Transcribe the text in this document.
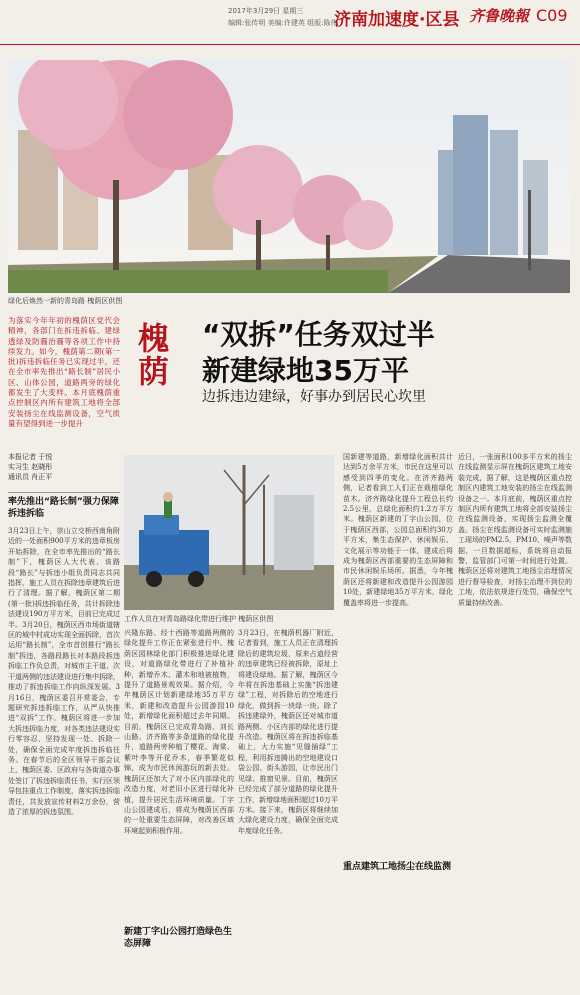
2017年3月29日 星期三
编辑:张传明 美编:许建英 组版:陈伟
济南加速度·区县 齐鲁晚報 C09
绿化后焕然一新的青岛路 槐荫区供图
为落实今年年初的槐荫区党代会精神，各部门在拆违拆临、建绿透绿及防霾治霾等各项工作中持续发力。如今，槐荫第二期(第一批)拆违拆临任务已实现过半，还在全市率先推出“路长制”居民小区、山体公园，道路两旁的绿化都发生了大变样。本月底槐荫重点控制区内所有建筑工地将全部安装扬尘在线监测设备，空气质量有望得到进一步提升
槐荫 “双拆”任务双过半
新建绿地35万平
边拆违边建绿，好事办到居民心坎里
本报记者 于悦
实习生 赵晓彤
通讯员 肖正平
率先推出“路长制”强力保障拆违拆临
3月23日上午，崇山立交桥西南角附近的一处面积900平方米的违章板房开始拆除，在全市率先推出的“路长制”下，槐荫区人大代表、该路段“路长”与拆违小组负责同志共同指挥，施工人员在拆除违章建筑后进行了清理。据了解，槐荫区第二期(第一批)拆违拆临任务，共计拆除违法建设190万平方米，目前已完成过半。3月20日，槐荫区西市场街道辖区的城中村成功实现全面拆除，首次运用“路长制”，全市首创推行“路长制”拆违，各路段路长对本路段拆违拆临工作负总责，对城市主干道、次干道两侧的违法建设进行集中拆除，推动了拆违拆临工作向纵深发展。3月16日，槐荫区委召开常委会，专题研究拆违拆临工作，从严从快推进“双拆”工作。槐荫区将进一步加大拆违拆临力度，对各类违法建设实行零容忍，坚持发现一处、拆除一处，确保全面完成年度拆违拆临任务。在春节后的全区领导干部会议上，槐荫区委、区政府与各街道办事处签订了拆违拆临责任书，实行区领导包挂重点工作制度，落实拆违拆临责任，共发放宣传材料2万余份，营造了浓厚的拆违氛围。
工作人员在对青岛路绿化带进行维护 槐荫区供图
兴隆东路、经十西路等道路两侧的绿化提升工作正在紧张进行中。槐荫区园林绿化部门积极推进绿化建设，对道路绿化带进行了补植补种，新增乔木、灌木和地被植物，提升了道路景观效果。据介绍，今年槐荫区计划新建绿地35万平方米，新建和改造提升公园游园10处，新增绿化面积超过去年同期。目前，槐荫区已完成青岛路、刘长山路、济齐路等多条道路的绿化提升，道路两旁种植了樱花、海棠、紫叶李等开花乔木，春季繁花似锦，成为市民休闲游玩的新去处。槐荫区还加大了对小区内部绿化的改造力度，对老旧小区进行绿化补植，提升居民生活环境质量。丁字山公园建成后，将成为槐荫区西部的一处重要生态屏障，对改善区域环境起到积极作用。
新建丁字山公园打造绿色生态屏障
3月23日，在槐荫机器厂附近，记者看到，施工人员正在清理拆除后的建筑垃圾，原来占道经营的违章建筑已经被拆除，原址上将建设绿地。据了解，槐荫区今年将在拆违基础上实施“拆违建绿”工程，对拆除后的空地进行绿化，做到拆一块绿一块。除了拆违建绿外，槐荫区还对城市道路两侧、小区内部的绿化进行提升改造。槐荫区将在拆违拆临基础上，大力实施“见缝插绿”工程，利用拆违腾出的空地建设口袋公园、街头游园，让市民出门见绿、推窗见景。目前，槐荫区已经完成了部分道路的绿化提升工作，新增绿地面积超过10万平方米。接下来，槐荫区将继续加大绿化建设力度，确保全面完成年度绿化任务。
国新建等道路，新增绿化面积共计达到5万余平方米，市民在这里可以感受到四季的变化。在济齐路两侧，记者看到工人们正在栽植绿化苗木。济齐路绿化提升工程总长约2.5公里，总绿化面积约1.2万平方米。槐荫区新建的丁字山公园，位于槐荫区西部，公园总面积约30万平方米，集生态保护、休闲娱乐、文化展示等功能于一体，建成后将成为槐荫区西部重要的生态屏障和市民休闲娱乐场所。据悉，今年槐荫区还将新建和改造提升公园游园10处，新建绿地35万平方米，绿化覆盖率将进一步提高。
重点建筑工地扬尘在线监测
近日，一张面积100多平方米的扬尘在线监测显示屏在槐荫区建筑工地安装完成，据了解，这是槐荫区重点控制区内建筑工地安装的扬尘在线监测设备之一。本月底前，槐荫区重点控制区内所有建筑工地将全部安装扬尘在线监测设备，实现扬尘监测全覆盖。扬尘在线监测设备可实时监测施工现场的PM2.5、PM10、噪声等数据，一旦数据超标，系统将自动报警，监管部门可第一时间进行处置。槐荫区还将对建筑工地扬尘治理情况进行督导检查，对扬尘治理不到位的工地，依法依规进行处罚，确保空气质量持续改善。
